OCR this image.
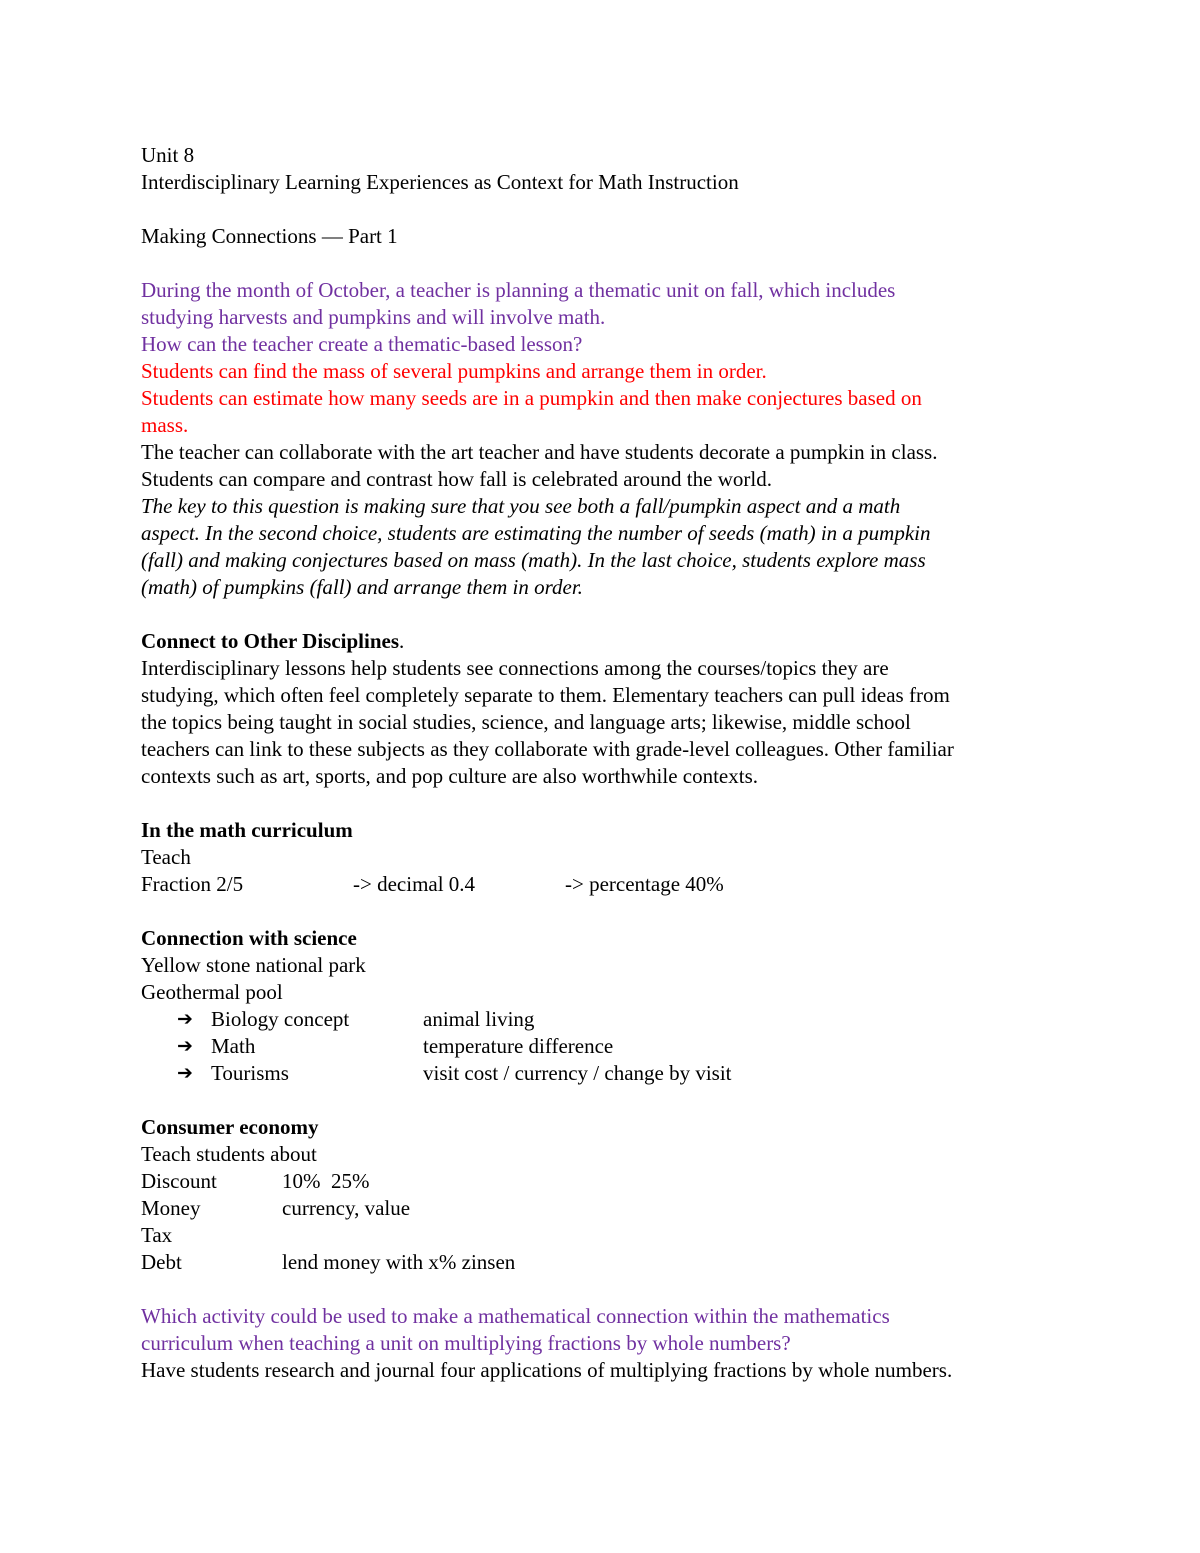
Unit 8
Interdisciplinary Learning Experiences as Context for Math Instruction
Making Connections — Part 1
During the month of October, a teacher is planning a thematic unit on fall, which includes
studying harvests and pumpkins and will involve math.
How can the teacher create a thematic-based lesson?
Students can find the mass of several pumpkins and arrange them in order.
Students can estimate how many seeds are in a pumpkin and then make conjectures based on
mass.
The teacher can collaborate with the art teacher and have students decorate a pumpkin in class.
Students can compare and contrast how fall is celebrated around the world.
The key to this question is making sure that you see both a fall/pumpkin aspect and a math
aspect. In the second choice, students are estimating the number of seeds (math) in a pumpkin
(fall) and making conjectures based on mass (math). In the last choice, students explore mass
(math) of pumpkins (fall) and arrange them in order.
Connect to Other Disciplines.
Interdisciplinary lessons help students see connections among the courses/topics they are
studying, which often feel completely separate to them. Elementary teachers can pull ideas from
the topics being taught in social studies, science, and language arts; likewise, middle school
teachers can link to these subjects as they collaborate with grade-level colleagues. Other familiar
contexts such as art, sports, and pop culture are also worthwhile contexts.
In the math curriculum
Teach
Fraction 2/5	-> decimal 0.4	-> percentage 40%
Connection with science
Yellow stone national park
Geothermal pool
➔ Biology concept	animal living
➔ Math	temperature difference
➔ Tourisms	visit cost / currency / change by visit
Consumer economy
Teach students about
Discount	10%  25%
Money	currency, value
Tax
Debt	lend money with x% zinsen
Which activity could be used to make a mathematical connection within the mathematics
curriculum when teaching a unit on multiplying fractions by whole numbers?
Have students research and journal four applications of multiplying fractions by whole numbers.
